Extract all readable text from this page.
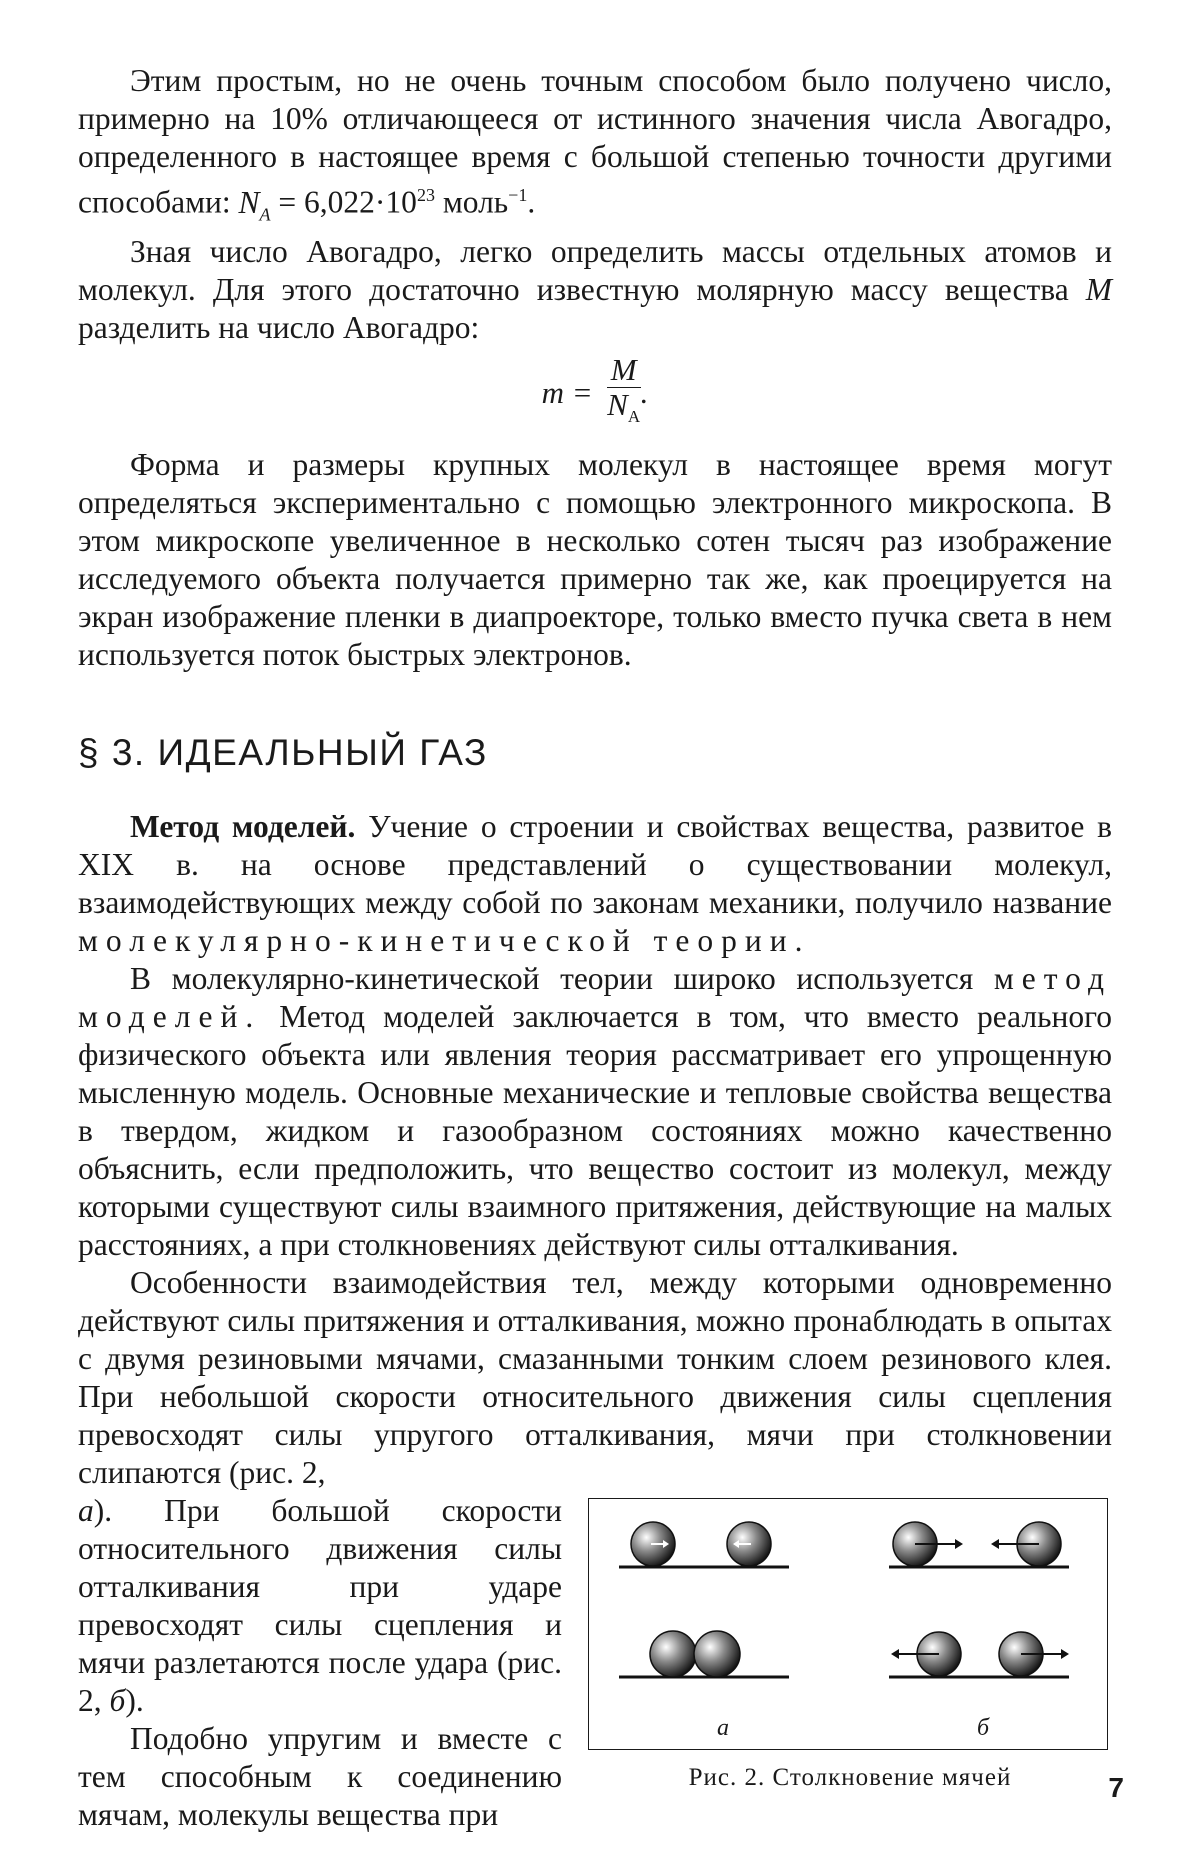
Этим простым, но не очень точным способом было получено число, примерно на 10% отличающееся от истинного значения числа Авогадро, определенного в настоящее время с большой степенью точности другими способами: $N_A = 6,022\cdot 10^{23}$ моль$^{-1}$.

Зная число Авогадро, легко определить массы отдельных атомов и молекул. Для этого достаточно известную молярную массу вещества M разделить на число Авогадро:

$m = \frac{M}{N_A}$ .

Форма и размеры крупных молекул в настоящее время могут определяться экспериментально с помощью электронного микроскопа. В этом микроскопе увеличенное в несколько сотен тысяч раз изображение исследуемого объекта получается примерно так же, как проецируется на экран изображение пленки в диапроекторе, только вместо пучка света в нем используется поток быстрых электронов.

§ 3. ИДЕАЛЬНЫЙ ГАЗ

Метод моделей. Учение о строении и свойствах вещества, развитое в XIX в. на основе представлений о существовании молекул, взаимодействующих между собой по законам механики, получило название молекулярно-кинетической теории.

В молекулярно-кинетической теории широко используется метод моделей. Метод моделей заключается в том, что вместо реального физического объекта или явления теория рассматривает его упрощенную мысленную модель. Основные механические и тепловые свойства вещества в твердом, жидком и газообразном состояниях можно качественно объяснить, если предположить, что вещество состоит из молекул, между которыми существуют силы взаимного притяжения, действующие на малых расстояниях, а при столкновениях действуют силы отталкивания.

Особенности взаимодействия тел, между которыми одновременно действуют силы притяжения и отталкивания, можно пронаблюдать в опытах с двумя резиновыми мячами, смазанными тонким слоем резинового клея. При небольшой скорости относительного движения силы сцепления превосходят силы упругого отталкивания, мячи при столкновении слипаются (рис. 2,

а	б
Рис. 2. Столкновение мячей

а). При большой скорости относительного движения силы отталкивания при ударе превосходят силы сцепления и мячи разлетаются после удара (рис. 2, б).

Подобно упругим и вместе с тем способным к соединению мячам, молекулы вещества при

7
